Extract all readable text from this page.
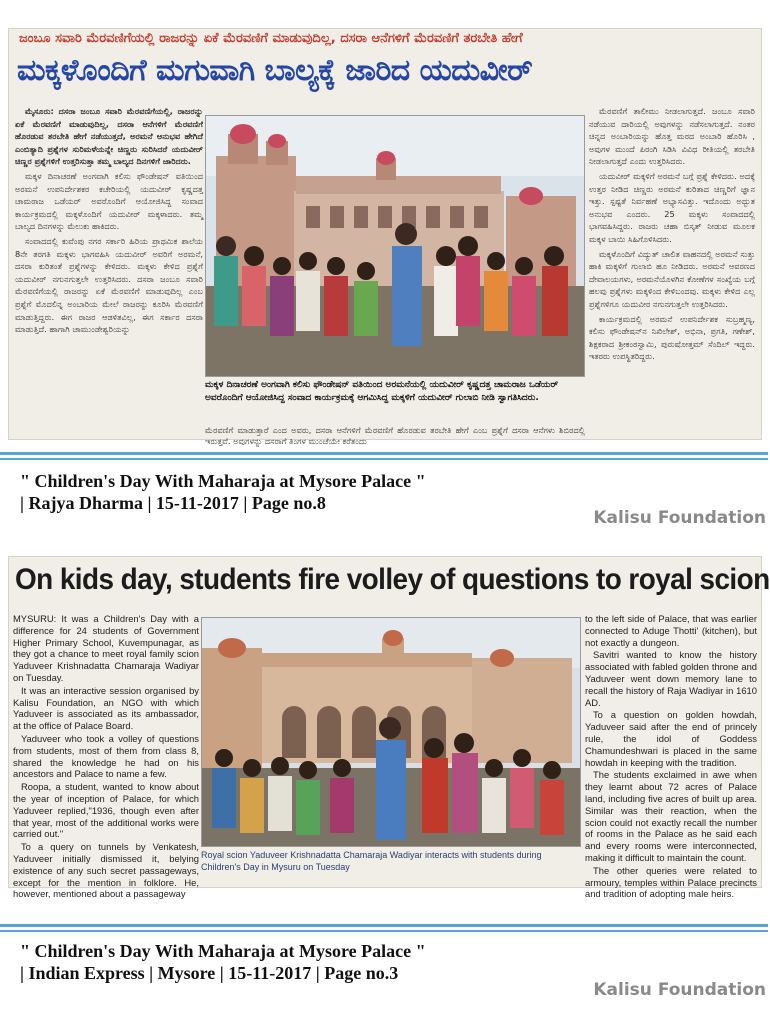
ಜಂಬೂ ಸವಾರಿ ಮೆರವಣಿಗೆಯಲ್ಲಿ ರಾಜರನ್ನು ಏಕೆ ಮೆರವಣಿಗೆ ಮಾಡುವುದಿಲ್ಲ, ದಸರಾ ಆನೆಗಳಿಗೆ ಮೆರವಣಿಗೆ ತರಬೇತಿ ಹೇಗೆ
ಮಕ್ಕಳೊಂದಿಗೆ ಮಗುವಾಗಿ ಬಾಲ್ಯಕ್ಕೆ ಜಾರಿದ ಯದುವೀರ್

ಮೈಸೂರು: ದಸರಾ ಜಂಬೂ ಸವಾರಿ ಮೆರವಣಿಗೆಯಲ್ಲಿ, ರಾಜರನ್ನು ಏಕೆ ಮೆರವಣಿಗೆ ಮಾಡುವುದಿಲ್ಲ, ದಸರಾ ಆನೆಗಳಿಗೆ ಮೆರವಣಿಗೆ ಹೊರಡುವ ತರಬೇತಿ ಹೇಗೆ ನಡೆಯುತ್ತದೆ, ಅರಮನೆ ಆನುಭವ ಹೇಗಿದೆ ಎಂಬಿತ್ಯಾದಿ ಪ್ರಶ್ನೆಗಳ ಸುರಿಮಳೆಯನ್ನೇ ಚಿಣ್ಣರು ಸುರಿಸಿದರೆ ಯದುವೀರ್ ಚಿಣ್ಣರ ಪ್ರಶ್ನೆಗಳಿಗೆ ಉತ್ತರಿಸುತ್ತಾ ತಮ್ಮ ಬಾಲ್ಯದ ದಿನಗಳಿಗೆ ಜಾರಿದರು.

ಮಕ್ಕಳ ದಿನಾಚರಣೆ ಅಂಗವಾಗಿ ಕಲಿಸು ಫೌಂಡೇಷನ್ ವತಿಯಿಂದ ಅರಮನೆ ಉಪನಿರ್ದೇಶಕರ ಕಚೇರಿಯಲ್ಲಿ ಯದುವೀರ್ ಕೃಷ್ಣದತ್ತ ಚಾಮರಾಜ ಒಡೆಯರ್ ಅವರೊಂದಿಗೆ ಆಯೋಜಿಸಿದ್ದ ಸಂವಾದ ಕಾರ್ಯಕ್ರಮದಲ್ಲಿ ಮಕ್ಕಳೊಂದಿಗೆ ಯದುವೀರ್ ಮಕ್ಕಳಾದರು. ತಮ್ಮ ಬಾಲ್ಯದ ದಿನಗಳನ್ನು ಮೆಲುಕು ಹಾಕಿದರು.

ಸಂವಾದದಲ್ಲಿ ಕುವೆಂಪು ನಗರ ಸರ್ಕಾರಿ ಹಿರಿಯ ಪ್ರಾಥಮಿಕ ಶಾಲೆಯ 8ನೇ ತರಗತಿ ಮಕ್ಕಳು ಭಾಗವಹಿಸಿ ಯದುವೀರ್ ಅವರಿಗೆ ಅರಮನೆ, ದಸರಾ ಕುರಿತಂತೆ ಪ್ರಶ್ನೆಗಳನ್ನು ಕೇಳಿದರು. ಮಕ್ಕಳು ಕೇಳಿದ ಪ್ರಶ್ನೆಗೆ ಯದುವೀರ್ ನಗುನಗುತ್ತಲೇ ಉತ್ತರಿಸಿದರು. ದಸರಾ ಜಂಬೂ ಸವಾರಿ ಮೆರವಣಿಗೆಯಲ್ಲಿ ರಾಜರನ್ನು ಏಕೆ ಮೆರವಣಿಗೆ ಮಾಡುವುದಿಲ್ಲ ಎಂಬ ಪ್ರಶ್ನೆಗೆ ಮೊದಲಿನ್ನ ಅಂಬಾರಿಯ ಮೇಲೆ ರಾಜರನ್ನು ಕೂರಿಸಿ ಮೆರವಣಿಗೆ ಮಾಡುತ್ತಿದ್ದರು. ಈಗ ರಾಜರ ಆಡಳಿತವಿಲ್ಲ, ಈಗ ಸರ್ಕಾರ ದಸರಾ ಮಾಡುತ್ತಿದೆ. ಹಾಗಾಗಿ ಚಾಮುಂಡೇಶ್ವರಿಯನ್ನು

ಮಕ್ಕಳ ದಿನಾಚರಣೆ ಅಂಗವಾಗಿ ಕಲಿಸು ಫೌಂಡೇಷನ್ ವತಿಯಿಂದ ಅರಮನೆಯಲ್ಲಿ ಯದುವೀರ್ ಕೃಷ್ಣದತ್ತ ಚಾಮರಾಜ ಒಡೆಯರ್ ಅವರೊಂದಿಗೆ ಆಯೋಜಿಸಿದ್ದ ಸಂವಾದ ಕಾರ್ಯಕ್ರಮಕ್ಕೆ ಆಗಮಿಸಿದ್ದ ಮಕ್ಕಳಿಗೆ ಯದುವೀರ್ ಗುಲಾಬಿ ನೀಡಿ ಸ್ವಾಗತಿಸಿದರು.
ಮೆರವಣಿಗೆ ಮಾಡುತ್ತಾರೆ ಎಂದ ಅವರು, ದಸರಾ ಆನೆಗಳಿಗೆ ಮೆರವಣಿಗೆ ಹೊರಡುವ ತರಬೇತಿ ಹೇಗೆ ಎಂಬ ಪ್ರಶ್ನೆಗೆ ದಸರಾ ಆನೆಗಳು ಶಿಬಿರದಲ್ಲಿ ಇರುತ್ತವೆ. ಅವುಗಳನ್ನು ದಸರಾಗೆ ತಿಂಗಳ ಮುಂಚೆಯೇ ಕರೆತಂದು

ಮೆರವಣಿಗೆ ತಾಲೀಮು ನೀಡಲಾಗುತ್ತದೆ. ಜಂಬೂ ಸವಾರಿ ನಡೆಯುವ ದಾರಿಯಲ್ಲಿ ಅವುಗಳನ್ನು ನಡೆಸಲಾಗುತ್ತದೆ. ನಂತರ ಚಿನ್ನದ ಅಂಬಾರಿಯನ್ನು ಹೊತ್ತ ಮರದ ಅಂಬಾರಿ ಹೊರಿಸಿ , ಅವುಗಳ ಮುಂದೆ ಪಿರಂಗಿ ಸಿಡಿಸಿ ವಿವಿಧ ರೀತಿಯಲ್ಲಿ ತರಬೇತಿ ನೀಡಲಾಗುತ್ತದೆ ಎಂದು ಉತ್ತರಿಸಿದರು.

ಯದುವೀರ್ ಮಕ್ಕಳಿಗೆ ಅರಮನೆ ಬಗ್ಗೆ ಪ್ರಶ್ನೆ ಕೇಳಿದರು. ಅದಕ್ಕೆ ಉತ್ತರ ನೀಡಿದ ಚಿಣ್ಣರು ಅರಮನೆ ಕುರಿತಾದ ಚಿಣ್ಣರಿಗೆ ಜ್ಞಾನ ಇತ್ತು. ಸ್ಪಷ್ಟತೆ ನಿರ್ವಹಣೆ ಅಭ್ಯಾಸವಿತ್ತು. ಇದೊಂದು ಅದ್ಭುತ ಅನುಭವ ಎಂದರು. 25 ಮಕ್ಕಳು ಸಂವಾದದಲ್ಲಿ ಭಾಗವಹಿಸಿದ್ದರು. ರಾಜರು ಚಹಾ ಬಿಸ್ಕತ್ ನೀಡುವ ಮೂಲಕ ಮಕ್ಕಳ ಬಾಯಿ ಸಿಹಿಗೊಳಿಸಿದರು.

ಮಕ್ಕಳೊಂದಿಗೆ ವಿದ್ಯುತ್ ಚಾಲಿತ ವಾಹನದಲ್ಲಿ ಅರಮನೆ ಸುತ್ತು ಹಾಕಿ ಮಕ್ಕಳಿಗೆ ಗುಲಾಬಿ ಹೂ ನೀಡಿದರು. ಅರಮನೆ ಆವರಣದ ದೇವಾಲಯಗಳು, ಅರಮನೆಯೊಳಗಿನ ಕೋಣೆಗಳ ಸಂಖ್ಯೆಯ ಬಗ್ಗೆ ಹಲವು ಪ್ರಶ್ನೆಗಳು ಮಕ್ಕಳಿಂದ ಕೇಳಿಬಂದವು. ಮಕ್ಕಳು ಕೇಳಿದ ಎಲ್ಲ ಪ್ರಶ್ನೆಗಳಿಗೂ ಯದುವೀರ ನಗುನಗುತ್ತಲೇ ಉತ್ತರಿಸಿದರು.

ಕಾರ್ಯಕ್ರಮದಲ್ಲಿ ಅರಮನೆ ಉಪನಿರ್ದೇಶಕ ಸುಬ್ರಹ್ಮಣ್ಯ, ಕಲಿಸು ಫೌಂಡೇಷನ್‌ನ ನಿಖಿಲೇಶ್, ಅಭಿನಾ, ಪ್ರಗತಿ, ಗಣೇಶ್, ಶಿಕ್ಷಕರಾದ ಶ್ರೀಕಂಠಸ್ವಾಮಿ, ಪುರುಷೋತ್ತಮ್ ಸೆಂದಿಲ್ ಇದ್ದರು. ಇತರರು ಉಪಸ್ಥಿತರಿದ್ದರು.

" Children's Day With Maharaja at Mysore Palace "
| Rajya Dharma | 15-11-2017 | Page no.8
Kalisu Foundation
On kids day, students fire volley of questions to royal scion

MYSURU: It was a Children's Day with a difference for 24 students of Government Higher Primary School, Kuvempunagar, as they got a chance to meet royal family scion Yaduveer Krishnadatta Chamaraja Wadiyar on Tuesday.

It was an interactive session organised by Kalisu Foundation, an NGO with which Yaduveer is associated as its ambassador, at the office of Palace Board.

Yaduveer who took a volley of questions from students, most of them from class 8, shared the knowledge he had on his ancestors and Palace to name a few.

Roopa, a student, wanted to know about the year of inception of Palace, for which Yaduveer replied,"1936, though even after that year, most of the additional works were carried out."

To a query on tunnels by Venkatesh, Yaduveer initially dismissed it, belying existence of any such secret passageways, except for the mention in folklore. He, however, mentioned about a passageway

Royal scion Yaduveer Krishnadatta Chamaraja Wadiyar interacts with students during Children's Day in Mysuru on Tuesday

to the left side of Palace, that was earlier connected to Aduge Thotti' (kitchen), but not exactly a dungeon.

Savitri wanted to know the history associated with fabled golden throne and Yaduveer went down memory lane to recall the history of Raja Wadiyar in 1610 AD.

To a question on golden howdah, Yaduveer said after the end of princely rule, the idol of Goddess Chamundeshwari is placed in the same howdah in keeping with the tradition.

The students exclaimed in awe when they learnt about 72 acres of Palace land, including five acres of built up area. Similar was their reaction, when the scion could not exactly recall the number of rooms in the Palace as he said each and every rooms were interconnected, making it difficult to maintain the count.

The other queries were related to armoury, temples within Palace precincts and tradition of adopting male heirs.

" Children's Day With Maharaja at Mysore Palace "
| Indian Express | Mysore | 15-11-2017 | Page no.3
Kalisu Foundation
